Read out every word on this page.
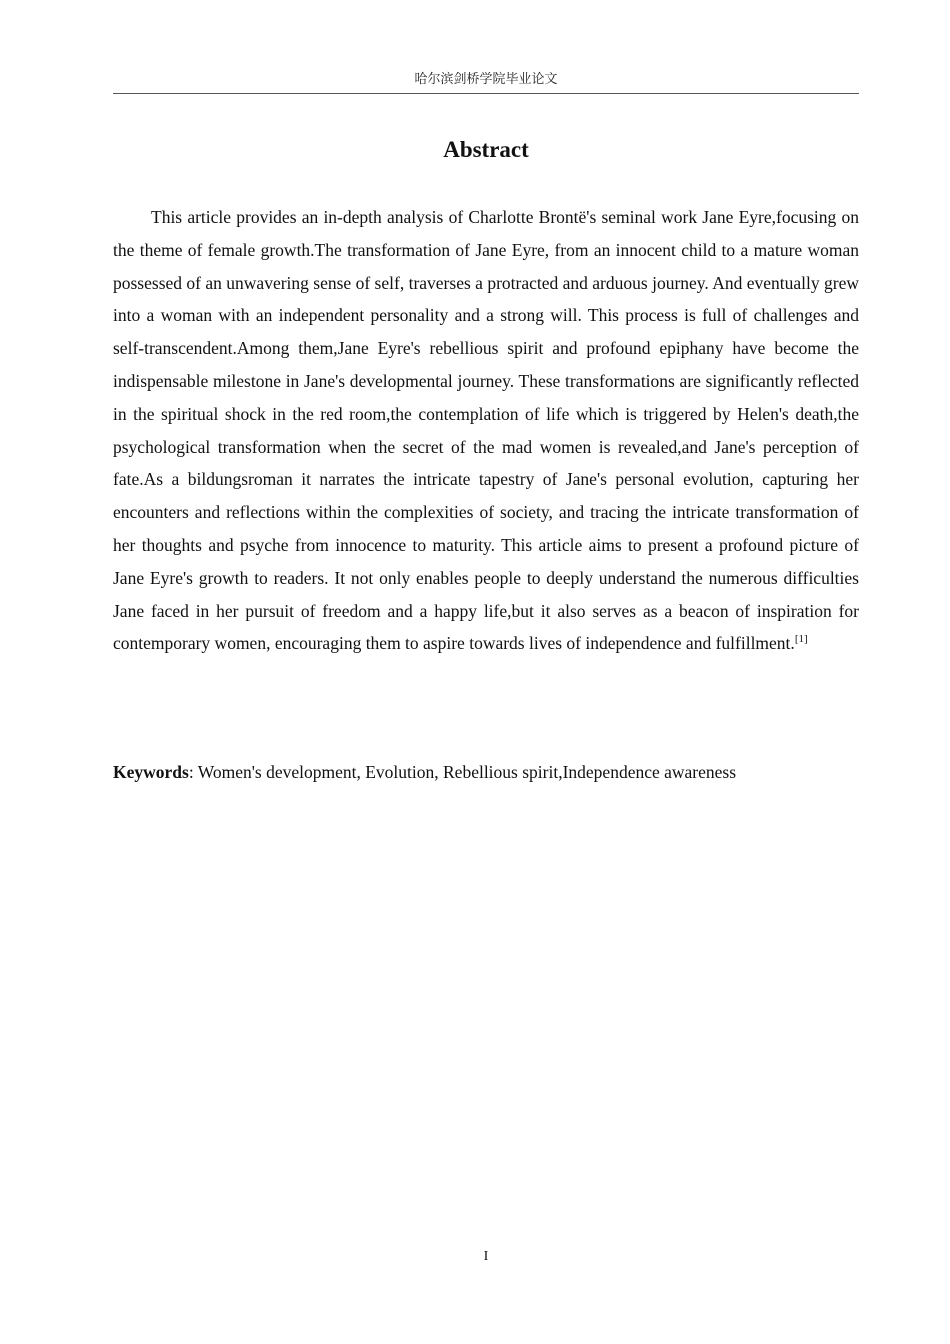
哈尔滨剑桥学院毕业论文
Abstract

This article provides an in-depth analysis of Charlotte Brontë's seminal work Jane Eyre,focusing on the theme of female growth.The transformation of Jane Eyre, from an innocent child to a mature woman possessed of an unwavering sense of self, traverses a protracted and arduous journey. And eventually grew into a woman with an independent personality and a strong will. This process is full of challenges and self-transcendent.Among them,Jane Eyre's rebellious spirit and profound epiphany have become the indispensable milestone in Jane's developmental journey. These transformations are significantly reflected in the spiritual shock in the red room,the contemplation of life which is triggered by Helen's death,the psychological transformation when the secret of the mad women is revealed,and Jane's perception of fate.As a bildungsroman it narrates the intricate tapestry of Jane's personal evolution, capturing her encounters and reflections within the complexities of society, and tracing the intricate transformation of her thoughts and psyche from innocence to maturity. This article aims to present a profound picture of Jane Eyre's growth to readers. It not only enables people to deeply understand the numerous difficulties Jane faced in her pursuit of freedom and a happy life,but it also serves as a beacon of inspiration for contemporary women, encouraging them to aspire towards lives of independence and fulfillment.[1]

Keywords: Women's development, Evolution, Rebellious spirit,Independence awareness

I
